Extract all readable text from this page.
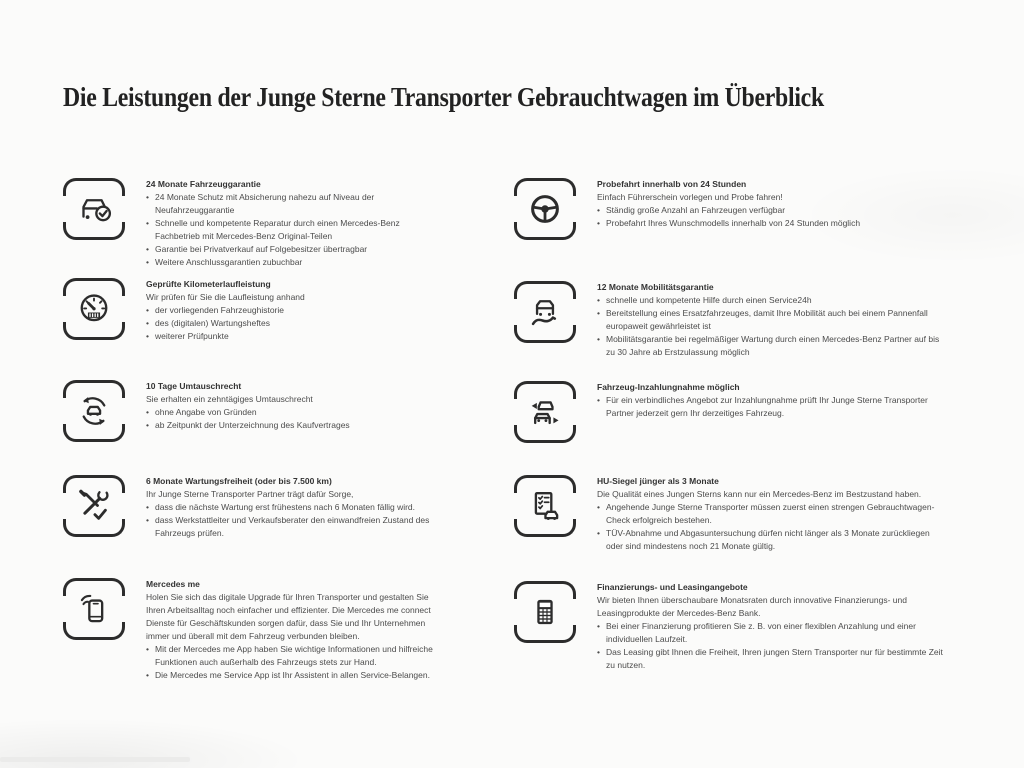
Die Leistungen der Junge Sterne Transporter Gebrauchtwagen im Überblick
24 Monate Fahrzeuggarantie
• 24 Monate Schutz mit Absicherung nahezu auf Niveau der Neufahrzeuggarantie
• Schnelle und kompetente Reparatur durch einen Mercedes-Benz Fachbetrieb mit Mercedes-Benz Original-Teilen
• Garantie bei Privatverkauf auf Folgebesitzer übertragbar
• Weitere Anschlussgarantien zubuchbar
Geprüfte Kilometerlaufleistung
Wir prüfen für Sie die Laufleistung anhand
• der vorliegenden Fahrzeughistorie
• des (digitalen) Wartungsheftes
• weiterer Prüfpunkte
10 Tage Umtauschrecht
Sie erhalten ein zehntägiges Umtauschrecht
• ohne Angabe von Gründen
• ab Zeitpunkt der Unterzeichnung des Kaufvertrages
6 Monate Wartungsfreiheit (oder bis 7.500 km)
Ihr Junge Sterne Transporter Partner trägt dafür Sorge,
• dass die nächste Wartung erst frühestens nach 6 Monaten fällig wird.
• dass Werkstattleiter und Verkaufsberater den einwandfreien Zustand des Fahrzeugs prüfen.
Mercedes me
Holen Sie sich das digitale Upgrade für Ihren Transporter und gestalten Sie Ihren Arbeitsalltag noch einfacher und effizienter. Die Mercedes me connect Dienste für Geschäftskunden sorgen dafür, dass Sie und Ihr Unternehmen immer und überall mit dem Fahrzeug verbunden bleiben.
• Mit der Mercedes me App haben Sie wichtige Informationen und hilfreiche Funktionen auch außerhalb des Fahrzeugs stets zur Hand.
• Die Mercedes me Service App ist Ihr Assistent in allen Service-Belangen.
Probefahrt innerhalb von 24 Stunden
Einfach Führerschein vorlegen und Probe fahren!
• Ständig große Anzahl an Fahrzeugen verfügbar
• Probefahrt Ihres Wunschmodells innerhalb von 24 Stunden möglich
12 Monate Mobilitätsgarantie
• schnelle und kompetente Hilfe durch einen Service24h
• Bereitstellung eines Ersatzfahrzeuges, damit Ihre Mobilität auch bei einem Pannenfall europaweit gewährleistet ist
• Mobilitätsgarantie bei regelmäßiger Wartung durch einen Mercedes-Benz Partner auf bis zu 30 Jahre ab Erstzulassung möglich
Fahrzeug-Inzahlungnahme möglich
• Für ein verbindliches Angebot zur Inzahlungnahme prüft Ihr Junge Sterne Transporter Partner jederzeit gern Ihr derzeitiges Fahrzeug.
HU-Siegel jünger als 3 Monate
Die Qualität eines Jungen Sterns kann nur ein Mercedes-Benz im Bestzustand haben.
• Angehende Junge Sterne Transporter müssen zuerst einen strengen Gebrauchtwagen-Check erfolgreich bestehen.
• TÜV-Abnahme und Abgasuntersuchung dürfen nicht länger als 3 Monate zurückliegen oder sind mindestens noch 21 Monate gültig.
Finanzierungs- und Leasingangebote
Wir bieten Ihnen überschaubare Monatsraten durch innovative Finanzierungs- und Leasingprodukte der Mercedes-Benz Bank.
• Bei einer Finanzierung profitieren Sie z. B. von einer flexiblen Anzahlung und einer individuellen Laufzeit.
• Das Leasing gibt Ihnen die Freiheit, Ihren jungen Stern Transporter nur für bestimmte Zeit zu nutzen.
